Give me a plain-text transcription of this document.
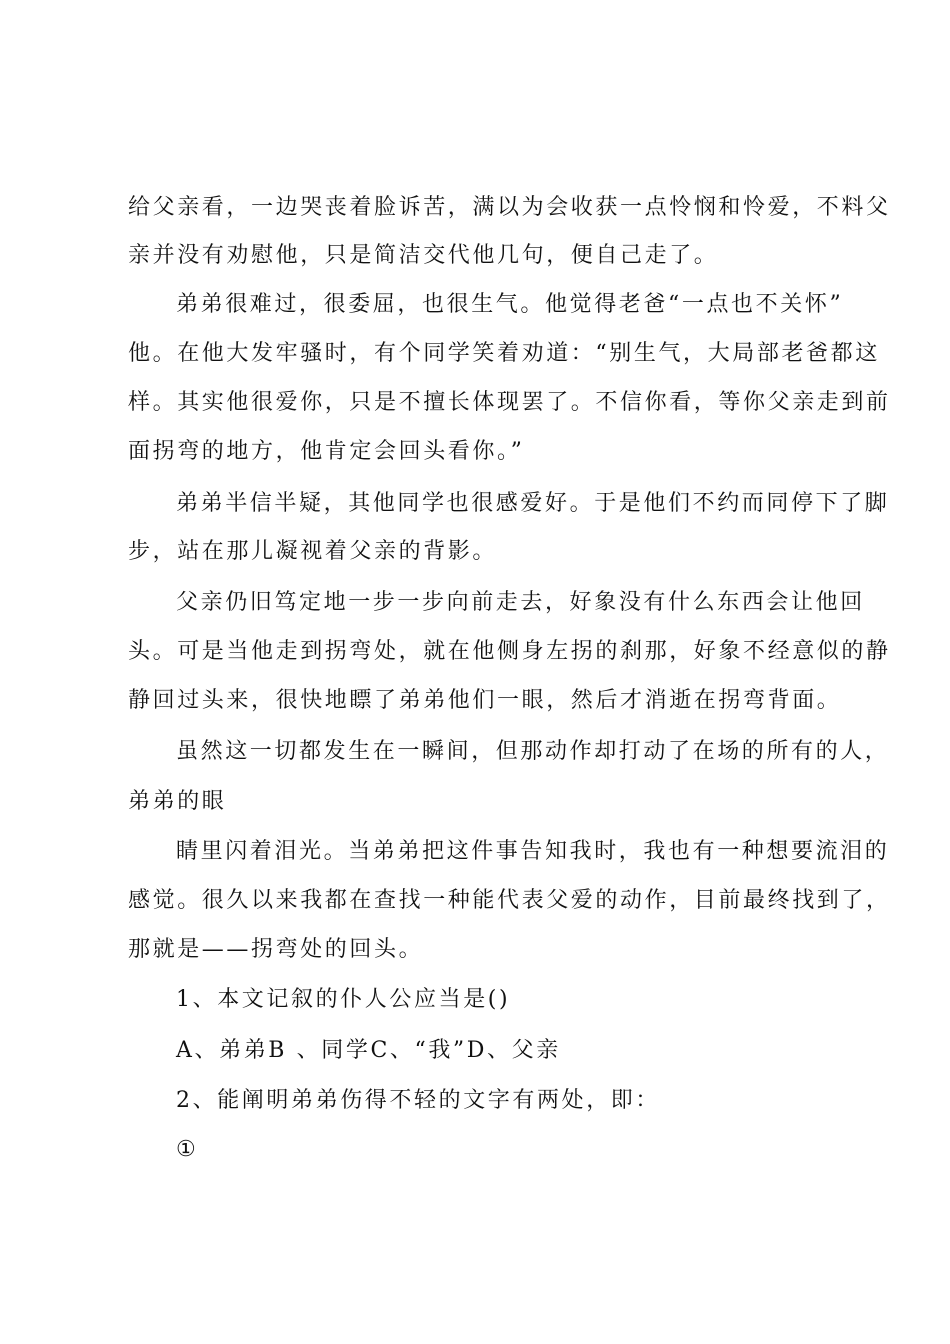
给父亲看，一边哭丧着脸诉苦，满以为会收获一点怜悯和怜爱，不料父
亲并没有劝慰他，只是简洁交代他几句，便自己走了。
弟弟很难过，很委屈，也很生气。他觉得老爸“一点也不关怀”
他。在他大发牢骚时，有个同学笑着劝道：“别生气，大局部老爸都这
样。其实他很爱你，只是不擅长体现罢了。不信你看，等你父亲走到前
面拐弯的地方，他肯定会回头看你。”
弟弟半信半疑，其他同学也很感爱好。于是他们不约而同停下了脚
步，站在那儿凝视着父亲的背影。
父亲仍旧笃定地一步一步向前走去，好象没有什么东西会让他回
头。可是当他走到拐弯处，就在他侧身左拐的刹那，好象不经意似的静
静回过头来，很快地瞟了弟弟他们一眼，然后才消逝在拐弯背面。
虽然这一切都发生在一瞬间，但那动作却打动了在场的所有的人，
弟弟的眼
睛里闪着泪光。当弟弟把这件事告知我时，我也有一种想要流泪的
感觉。很久以来我都在查找一种能代表父爱的动作，目前最终找到了，
那就是——拐弯处的回头。
1、本文记叙的仆人公应当是()
A、弟弟B 、同学C、“我”D、父亲
2、能阐明弟弟伤得不轻的文字有两处，即：
①
